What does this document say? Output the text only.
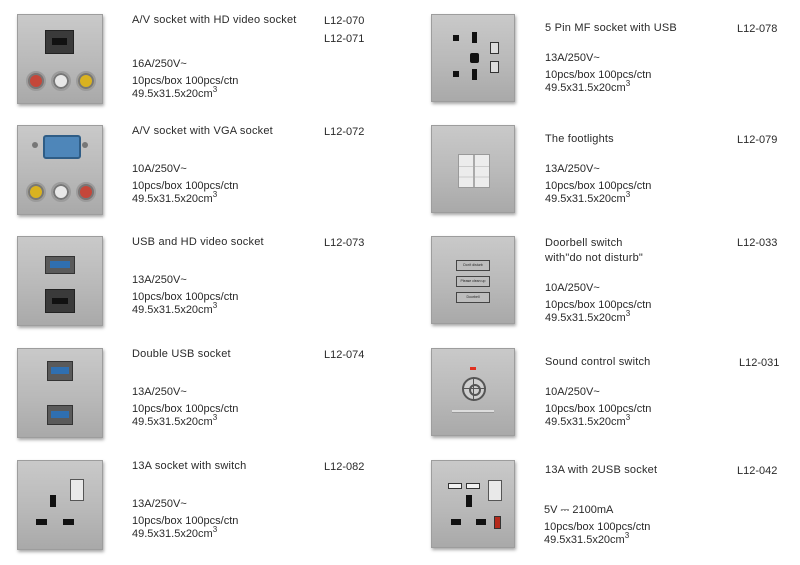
A/V socket with HD video socket L12-070
L12-071
16A/250V~
10pcs/box 100pcs/ctn
$49.5x31.5x20cm^3$
A/V socket with VGA socket	L12-072
10A/250V~
10pcs/box 100pcs/ctn
$49.5x31.5x20cm^3$
USB and HD video socket	L12-073
13A/250V~
10pcs/box 100pcs/ctn
$49.5x31.5x20cm^3$
Double USB socket	L12-074
13A/250V~
10pcs/box 100pcs/ctn
$49.5x31.5x20cm^3$
13A socket with switch	L12-082
13A/250V~
10pcs/box 100pcs/ctn
$49.5x31.5x20cm^3$
5 Pin MF socket with USB	L12-078
13A/250V~
10pcs/box 100pcs/ctn
$49.5x31.5x20cm^3$
The footlights	L12-079
13A/250V~
10pcs/box 100pcs/ctn
$49.5x31.5x20cm^3$
Don't disturb
Please clean up
Doorbell
Doorbell switch
with"do not disturb"
L12-033
10A/250V~
10pcs/box 100pcs/ctn
$49.5x31.5x20cm^3$
Sound control switch	L12-031
10A/250V~
10pcs/box 100pcs/ctn
$49.5x31.5x20cm^3$
13A with 2USB socket	L12-042
5V ⎓ 2100mA
10pcs/box 100pcs/ctn
$49.5x31.5x20cm^3$
